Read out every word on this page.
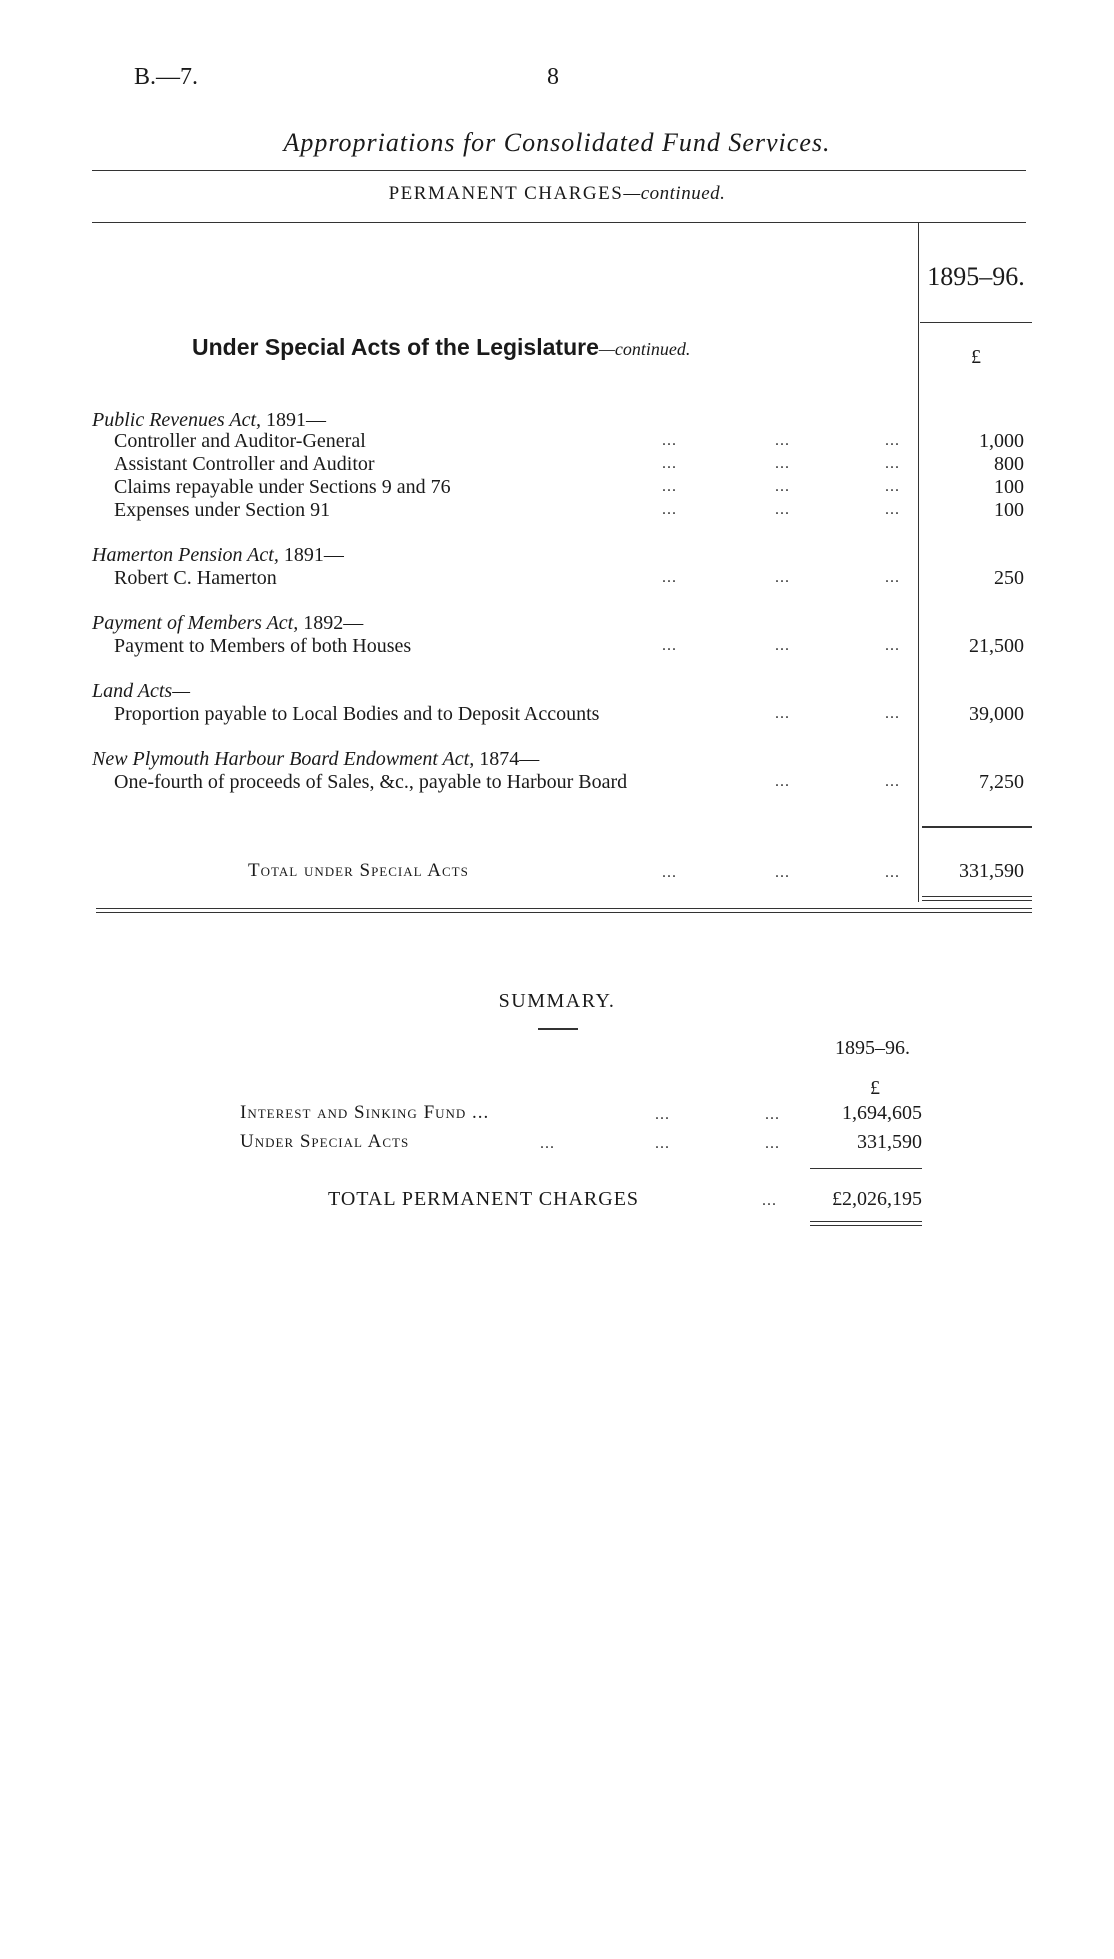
B.—7.	8
Appropriations for Consolidated Fund Services.
PERMANENT CHARGES—continued.
1895–96.
£
Under Special Acts of the Legislature—continued.
Public Revenues Act, 1891—
Controller and Auditor-General	...	...	...	1,000
Assistant Controller and Auditor	...	...	...	800
Claims repayable under Sections 9 and 76	...	...	...	100
Expenses under Section 91	...	...	...	100
Hamerton Pension Act, 1891—
Robert C. Hamerton	...	...	...	250
Payment of Members Act, 1892—
Payment to Members of both Houses	...	...	...	21,500
Land Acts—
Proportion payable to Local Bodies and to Deposit Accounts	...	...	39,000
New Plymouth Harbour Board Endowment Act, 1874—
One-fourth of proceeds of Sales, &c., payable to Harbour Board	...	...	7,250
Total under Special Acts	...	...	...	331,590
SUMMARY.
1895–96.
£
Interest and Sinking Fund ...	...	...	1,694,605
Under Special Acts	...	...	...	331,590
TOTAL PERMANENT CHARGES	...	£2,026,195
